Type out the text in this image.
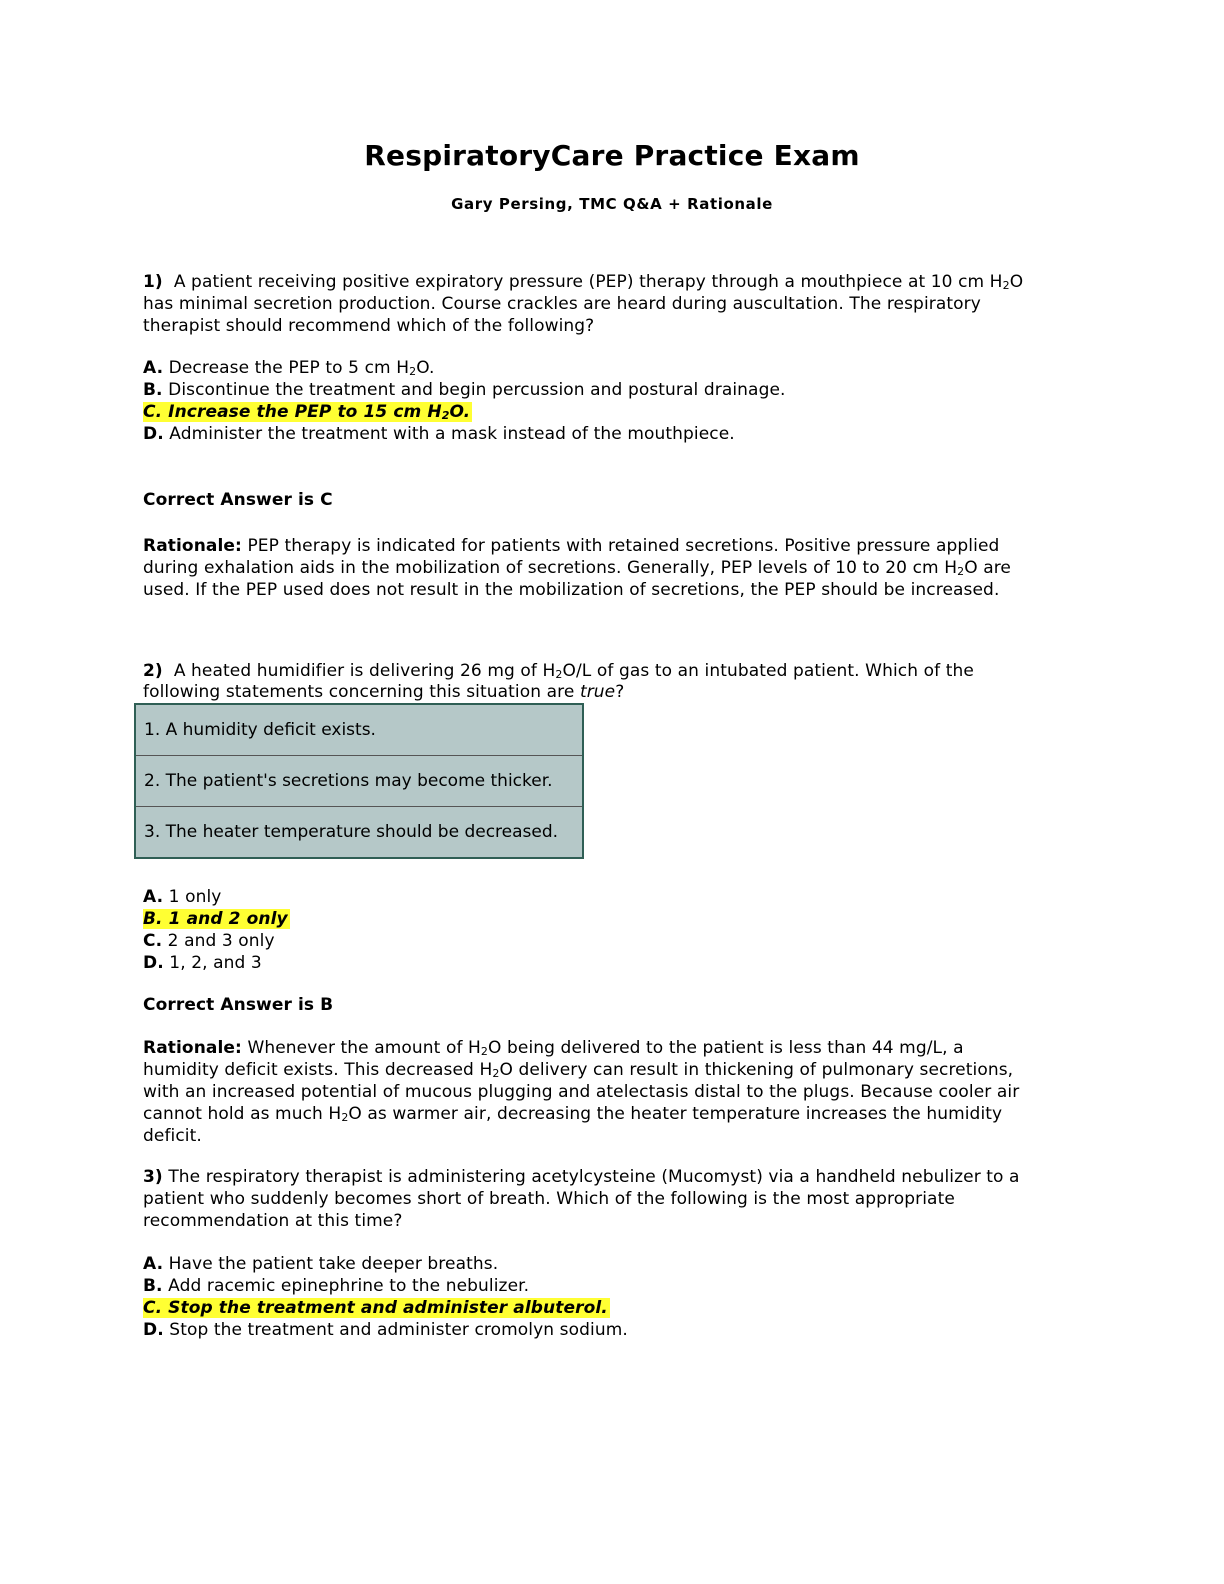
RespiratoryCare Practice Exam
Gary Persing, TMC Q&A + Rationale
1) A patient receiving positive expiratory pressure (PEP) therapy through a mouthpiece at 10 cm $H_2O$
has minimal secretion production. Course crackles are heard during auscultation. The respiratory
therapist should recommend which of the following?
A. Decrease the PEP to 5 cm $H_2O$.
B. Discontinue the treatment and begin percussion and postural drainage.
C. Increase the PEP to 15 cm $H_2O$.
D. Administer the treatment with a mask instead of the mouthpiece.
Correct Answer is C
Rationale: PEP therapy is indicated for patients with retained secretions. Positive pressure applied
during exhalation aids in the mobilization of secretions. Generally, PEP levels of 10 to 20 cm $H_2O$ are
used. If the PEP used does not result in the mobilization of secretions, the PEP should be increased.
2) A heated humidifier is delivering 26 mg of $H_2O/L$ of gas to an intubated patient. Which of the
following statements concerning this situation are true?
1. A humidity deficit exists.
2. The patient's secretions may become thicker.
3. The heater temperature should be decreased.
A. 1 only
B. 1 and 2 only
C. 2 and 3 only
D. 1, 2, and 3
Correct Answer is B
Rationale: Whenever the amount of $H_2O$ being delivered to the patient is less than 44 mg/L, a
humidity deficit exists. This decreased $H_2O$ delivery can result in thickening of pulmonary secretions,
with an increased potential of mucous plugging and atelectasis distal to the plugs. Because cooler air
cannot hold as much $H_2O$ as warmer air, decreasing the heater temperature increases the humidity
deficit.
3) The respiratory therapist is administering acetylcysteine (Mucomyst) via a handheld nebulizer to a
patient who suddenly becomes short of breath. Which of the following is the most appropriate
recommendation at this time?
A. Have the patient take deeper breaths.
B. Add racemic epinephrine to the nebulizer.
C. Stop the treatment and administer albuterol.
D. Stop the treatment and administer cromolyn sodium.
